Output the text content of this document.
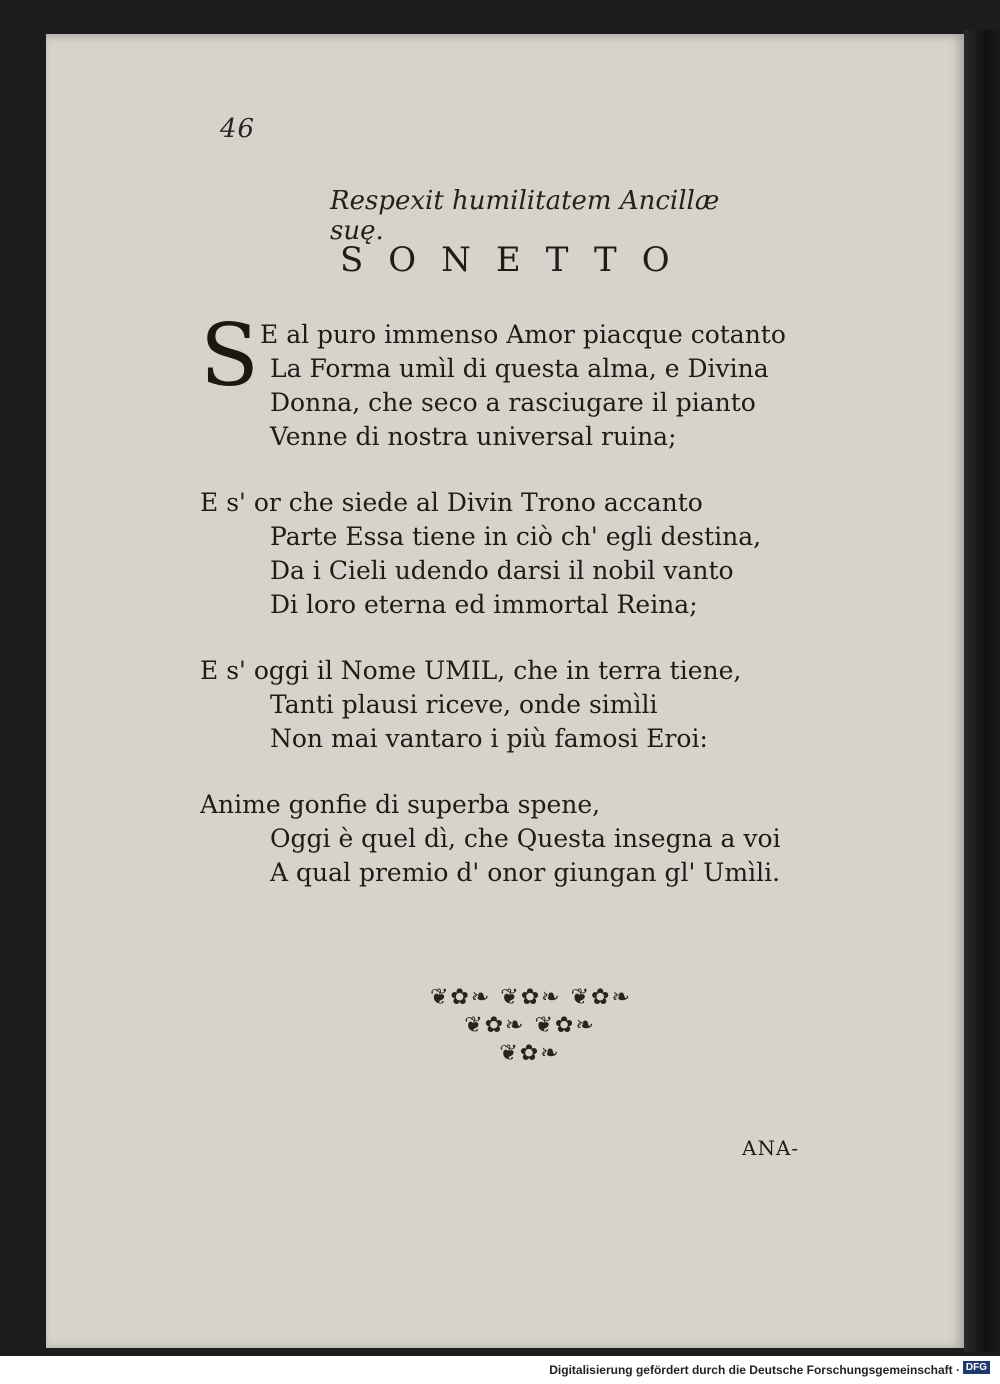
46
Respexit humilitatem Ancillæ suę.
SONETTO
S E al puro immenso Amor piacque cotanto
La Forma umìl di questa alma, e Divina
Donna, che seco a rasciugare il pianto
Venne di nostra universal ruina;
E s' or che siede al Divin Trono accanto
Parte Essa tiene in ciò ch' egli destina,
Da i Cieli udendo darsi il nobil vanto
Di loro eterna ed immortal Reina;
E s' oggi il Nome UMIL, che in terra tiene,
Tanti plausi riceve, onde simìli
Non mai vantaro i più famosi Eroi:
Anime gonfie di superba spene,
Oggi è quel dì, che Questa insegna a voi
A qual premio d' onor giungan gl' Umìli.
❦✿❧ ❦✿❧ ❦✿❧
❦✿❧ ❦✿❧
❦✿❧
ANA-
Digitalisierung gefördert durch die Deutsche Forschungsgemeinschaft · DFG
